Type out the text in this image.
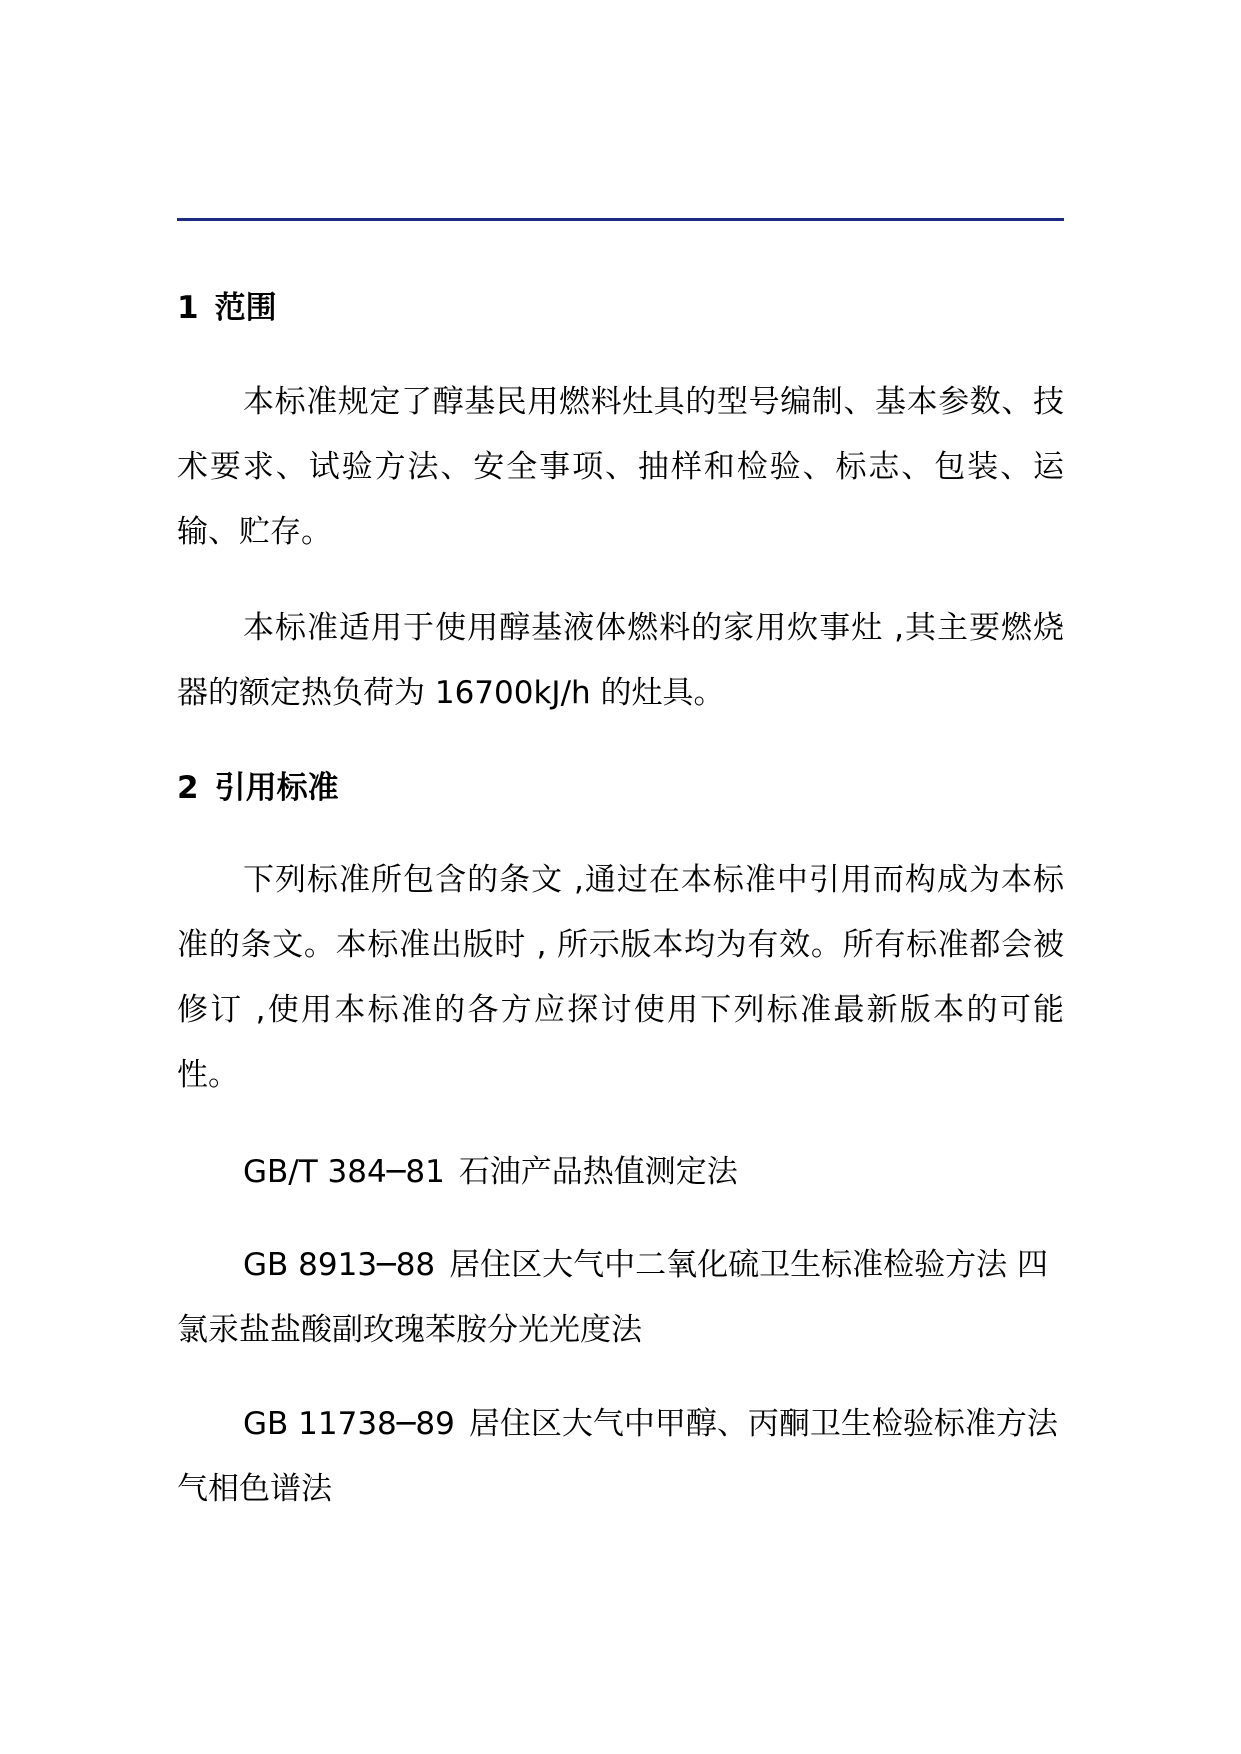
1 范围

本标准规定了醇基民用燃料灶具的型号编制、基本参数、技术要求、试验方法、安全事项、抽样和检验、标志、包装、运输、贮存。

本标准适用于使用醇基液体燃料的家用炊事灶 ,其主要燃烧器的额定热负荷为 16700kJ/h 的灶具。

2 引用标准

下列标准所包含的条文 ,通过在本标准中引用而构成为本标准的条文。本标准出版时 , 所示版本均为有效。所有标准都会被修订 ,使用本标准的各方应探讨使用下列标准最新版本的可能性。

GB/T 384─81 石油产品热值测定法

GB 8913─88 居住区大气中二氧化硫卫生标准检验方法 四氯汞盐盐酸副玫瑰苯胺分光光度法

GB 11738─89 居住区大气中甲醇、丙酮卫生检验标准方法 气相色谱法
